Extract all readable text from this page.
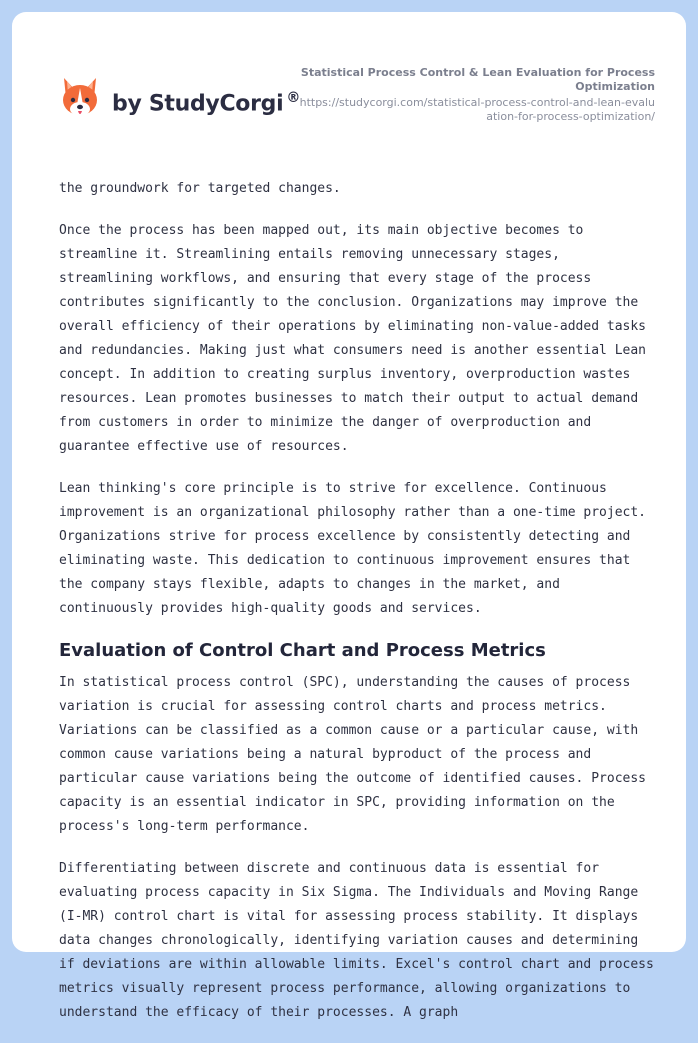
by StudyCorgi ®
Statistical Process Control & Lean Evaluation for Process Optimization
https://studycorgi.com/statistical-process-control-and-lean-evaluation-for-process-optimization/

the groundwork for targeted changes.

Once the process has been mapped out, its main objective becomes to streamline it. Streamlining entails removing unnecessary stages, streamlining workflows, and ensuring that every stage of the process contributes significantly to the conclusion. Organizations may improve the overall efficiency of their operations by eliminating non-value-added tasks and redundancies. Making just what consumers need is another essential Lean concept. In addition to creating surplus inventory, overproduction wastes resources. Lean promotes businesses to match their output to actual demand from customers in order to minimize the danger of overproduction and guarantee effective use of resources.

Lean thinking's core principle is to strive for excellence. Continuous improvement is an organizational philosophy rather than a one-time project. Organizations strive for process excellence by consistently detecting and eliminating waste. This dedication to continuous improvement ensures that the company stays flexible, adapts to changes in the market, and continuously provides high-quality goods and services.

Evaluation of Control Chart and Process Metrics

In statistical process control (SPC), understanding the causes of process variation is crucial for assessing control charts and process metrics. Variations can be classified as a common cause or a particular cause, with common cause variations being a natural byproduct of the process and particular cause variations being the outcome of identified causes. Process capacity is an essential indicator in SPC, providing information on the process's long-term performance.

Differentiating between discrete and continuous data is essential for evaluating process capacity in Six Sigma. The Individuals and Moving Range (I-MR) control chart is vital for assessing process stability. It displays data changes chronologically, identifying variation causes and determining if deviations are within allowable limits. Excel's control chart and process metrics visually represent process performance, allowing organizations to understand the efficacy of their processes. A graph
